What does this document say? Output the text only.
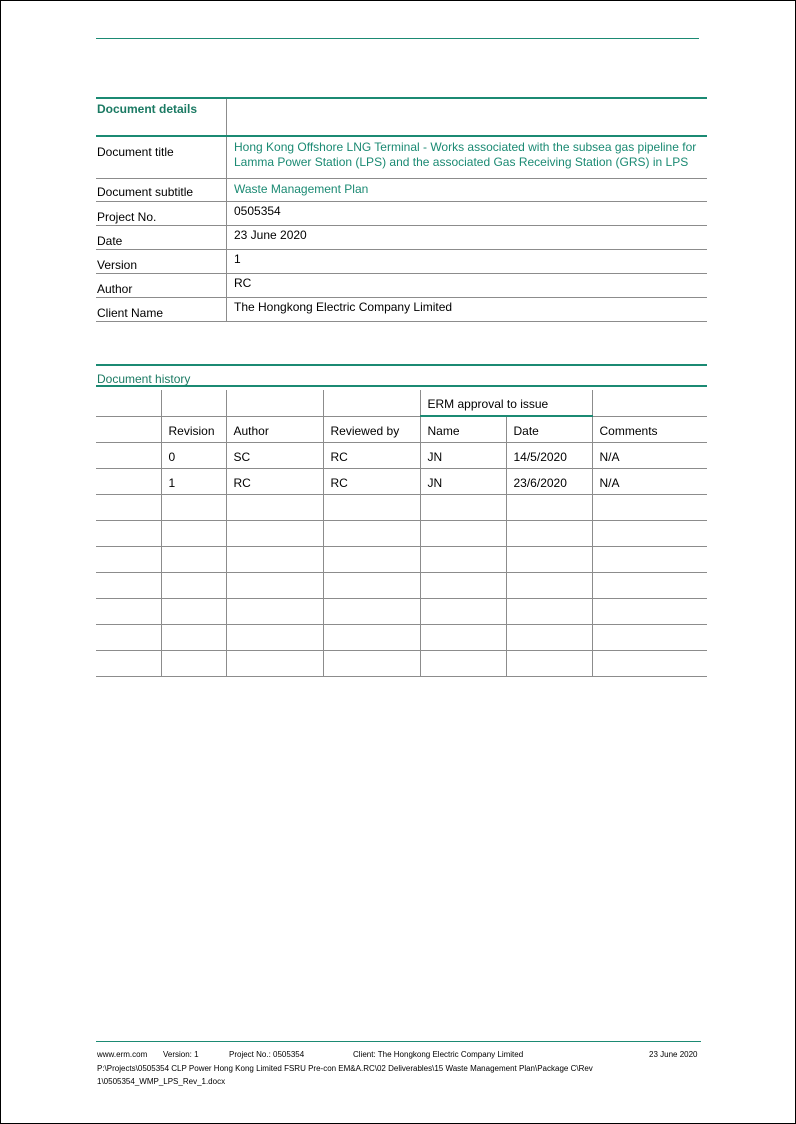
Document details	
Document title	Hong Kong Offshore LNG Terminal - Works associated with the subsea gas pipeline for Lamma Power Station (LPS) and the associated Gas Receiving Station (GRS) in LPS
Document subtitle	Waste Management Plan
Project No.	0505354
Date	23 June 2020
Version	1
Author	RC
Client Name	The Hongkong Electric Company Limited
Document history
				ERM approval to issue		
	Revision	Author	Reviewed by	Name	Date	Comments
	0	SC	RC	JN	14/5/2020	N/A
	1	RC	RC	JN	23/6/2020	N/A

www.erm.com Version: 1	Project No.: 0505354	Client: The Hongkong Electric Company Limited	23 June 2020
P:\Projects\0505354 CLP Power Hong Kong Limited FSRU Pre-con EM&A.RC\02 Deliverables\15 Waste Management Plan\Package C\Rev
1\0505354_WMP_LPS_Rev_1.docx
